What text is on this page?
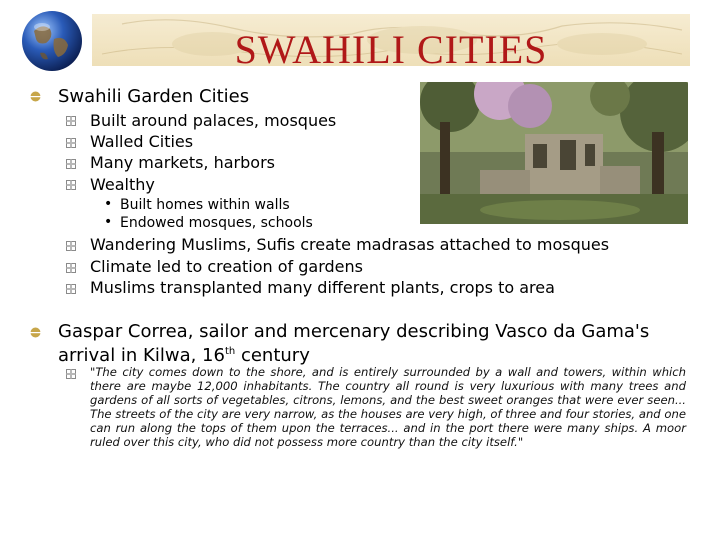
SWAHILI CITIES
Swahili Garden Cities
Built around palaces, mosques
Walled Cities
Many markets, harbors
Wealthy
• Built homes within walls
• Endowed mosques, schools
Wandering Muslims, Sufis create madrasas attached to mosques
Climate led to creation of gardens
Muslims transplanted many different plants, crops to area
Gaspar Correa, sailor and mercenary describing Vasco da Gama's
arrival in Kilwa, 16th century
"The city comes down to the shore, and is entirely surrounded by a wall and towers, within which there are maybe 12,000 inhabitants. The country all round is very luxurious with many trees and gardens of all sorts of vegetables, citrons, lemons, and the best sweet oranges that were ever seen... The streets of the city are very narrow, as the houses are very high, of three and four stories, and one can run along the tops of them upon the terraces... and in the port there were many ships. A moor ruled over this city, who did not possess more country than the city itself."
